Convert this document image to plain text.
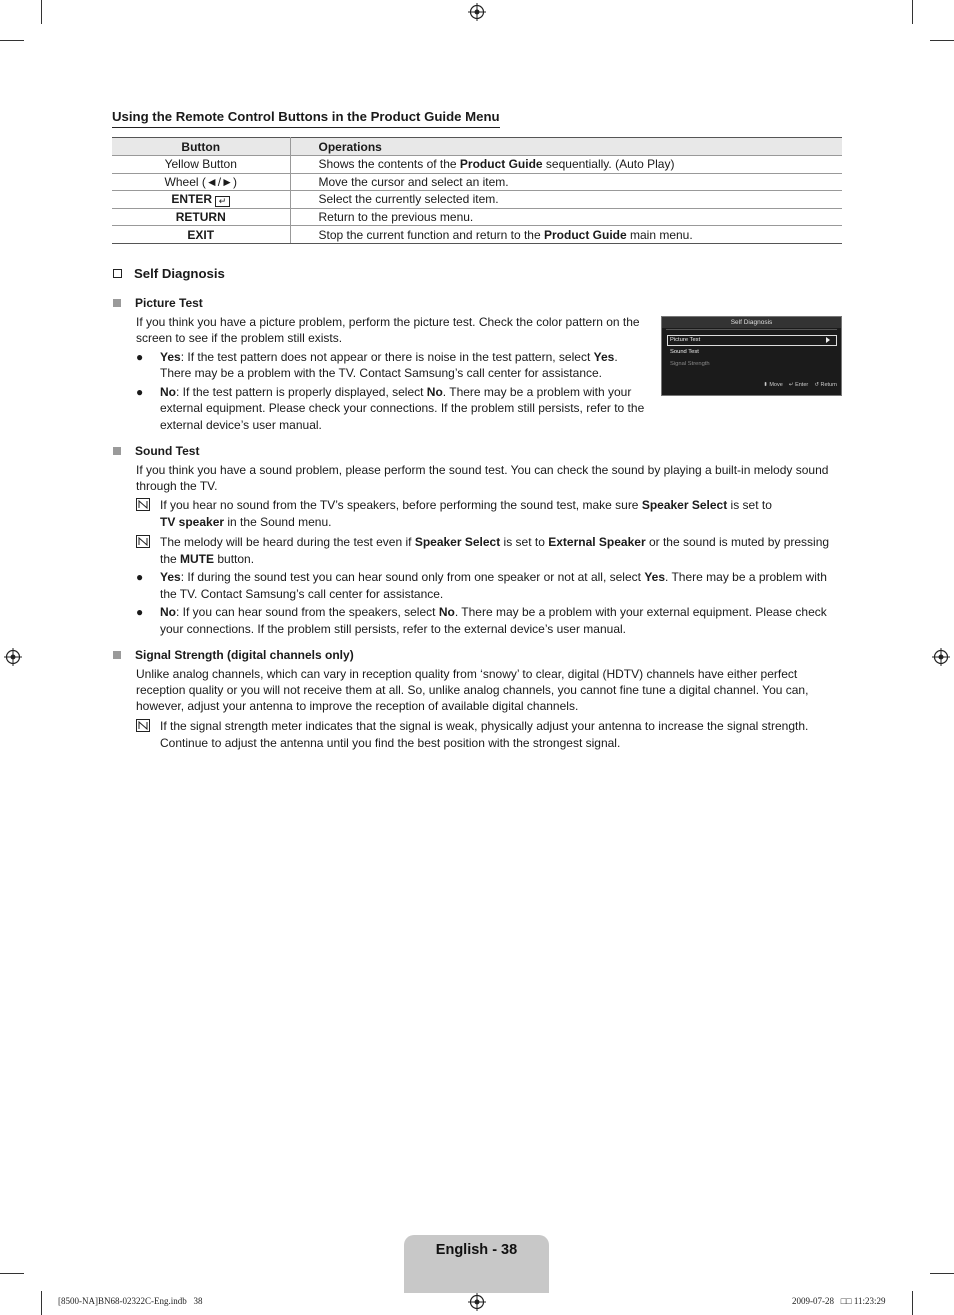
Using the Remote Control Buttons in the Product Guide Menu
Button	Operations
Yellow Button	Shows the contents of the Product Guide sequentially. (Auto Play)
Wheel (◄/►)	Move the cursor and select an item.
ENTER ↵	Select the currently selected item.
RETURN	Return to the previous menu.
EXIT	Stop the current function and return to the Product Guide main menu.
Self Diagnosis
Picture Test
If you think you have a picture problem, perform the picture test. Check the color pattern on the
screen to see if the problem still exists.
● Yes: If the test pattern does not appear or there is noise in the test pattern, select Yes.
There may be a problem with the TV. Contact Samsung’s call center for assistance.
● No: If the test pattern is properly displayed, select No. There may be a problem with your
external equipment. Please check your connections. If the problem still persists, refer to the
external device’s user manual.
Self Diagnosis
Picture Test
Sound Test
Signal Strength
⬍ Move ↵ Enter ↺ Return
Sound Test
If you think you have a sound problem, please perform the sound test. You can check the sound by playing a built-in melody sound
through the TV.
If you hear no sound from the TV’s speakers, before performing the sound test, make sure Speaker Select is set to
TV speaker in the Sound menu.
The melody will be heard during the test even if Speaker Select is set to External Speaker or the sound is muted by pressing
the MUTE button.
● Yes: If during the sound test you can hear sound only from one speaker or not at all, select Yes. There may be a problem with
the TV. Contact Samsung’s call center for assistance.
● No: If you can hear sound from the speakers, select No. There may be a problem with your external equipment. Please check
your connections. If the problem still persists, refer to the external device’s user manual.
Signal Strength (digital channels only)
Unlike analog channels, which can vary in reception quality from ‘snowy’ to clear, digital (HDTV) channels have either perfect
reception quality or you will not receive them at all. So, unlike analog channels, you cannot fine tune a digital channel. You can,
however, adjust your antenna to improve the reception of available digital channels.
If the signal strength meter indicates that the signal is weak, physically adjust your antenna to increase the signal strength.
Continue to adjust the antenna until you find the best position with the strongest signal.
English - 38
[8500-NA]BN68-02322C-Eng.indb   38	2009-07-28   □□ 11:23:29
